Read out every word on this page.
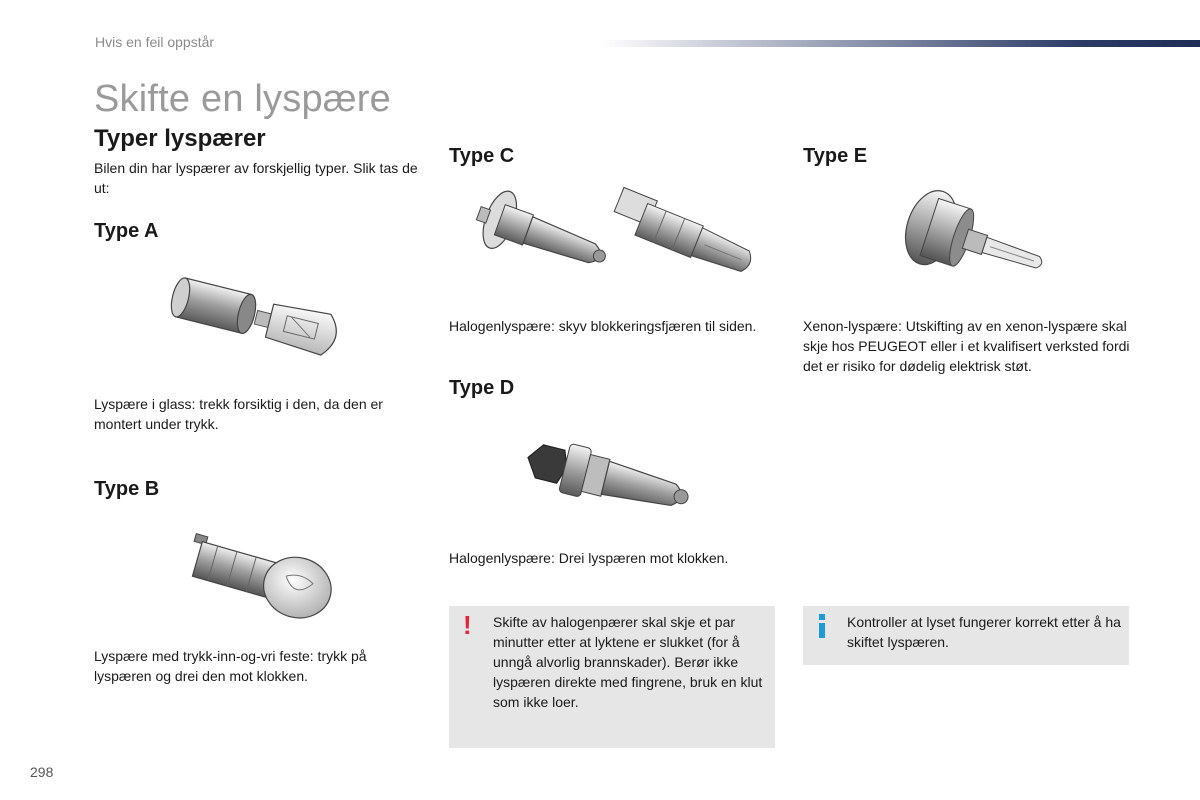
Hvis en feil oppstår
Skifte en lyspære
Typer lyspærer
Bilen din har lyspærer av forskjellig typer. Slik tas de ut:
Type A
Lyspære i glass: trekk forsiktig i den, da den er montert under trykk.
Type B
Lyspære med trykk-inn-og-vri feste: trykk på lyspæren og drei den mot klokken.
Type C
Halogenlyspære: skyv blokkeringsfjæren til siden.
Type D
Halogenlyspære: Drei lyspæren mot klokken.
Type E
Xenon-lyspære: Utskifting av en xenon-lyspære skal skje hos PEUGEOT eller i et kvalifisert verksted fordi det er risiko for dødelig elektrisk støt.
! Skifte av halogenpærer skal skje et par minutter etter at lyktene er slukket (for å unngå alvorlig brannskader). Berør ikke lyspæren direkte med fingrene, bruk en klut som ikke loer.
Kontroller at lyset fungerer korrekt etter å ha skiftet lyspæren.
298
